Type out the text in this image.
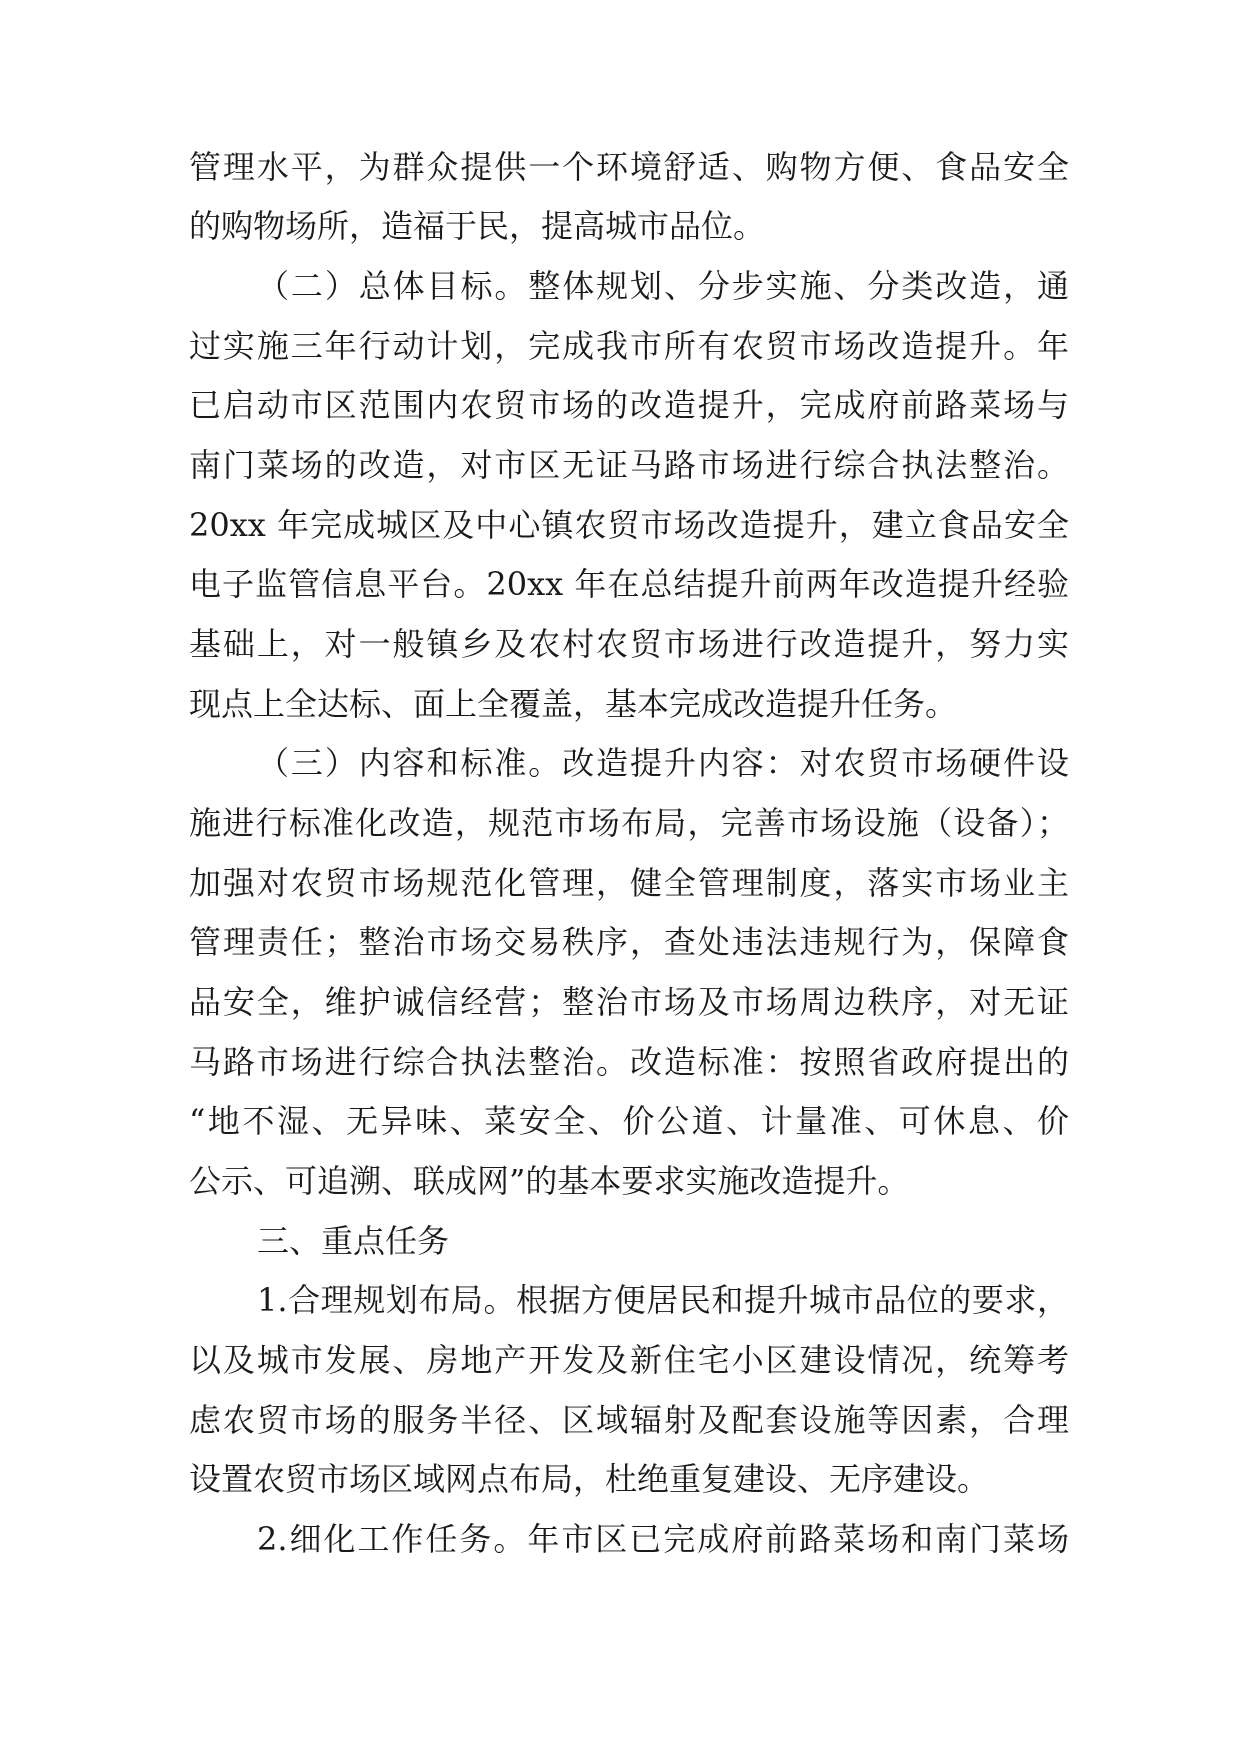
管理水平，为群众提供一个环境舒适、购物方便、食品安全
的购物场所，造福于民，提高城市品位。
（二）总体目标。整体规划、分步实施、分类改造，通
过实施三年行动计划，完成我市所有农贸市场改造提升。年
已启动市区范围内农贸市场的改造提升，完成府前路菜场与
南门菜场的改造，对市区无证马路市场进行综合执法整治。
20xx 年完成城区及中心镇农贸市场改造提升，建立食品安全
电子监管信息平台。20xx 年在总结提升前两年改造提升经验
基础上，对一般镇乡及农村农贸市场进行改造提升，努力实
现点上全达标、面上全覆盖，基本完成改造提升任务。
（三）内容和标准。改造提升内容：对农贸市场硬件设
施进行标准化改造，规范市场布局，完善市场设施（设备）；
加强对农贸市场规范化管理，健全管理制度，落实市场业主
管理责任；整治市场交易秩序，查处违法违规行为，保障食
品安全，维护诚信经营；整治市场及市场周边秩序，对无证
马路市场进行综合执法整治。改造标准：按照省政府提出的
“地不湿、无异味、菜安全、价公道、计量准、可休息、价
公示、可追溯、联成网”的基本要求实施改造提升。
三、重点任务
1.合理规划布局。根据方便居民和提升城市品位的要求，
以及城市发展、房地产开发及新住宅小区建设情况，统筹考
虑农贸市场的服务半径、区域辐射及配套设施等因素，合理
设置农贸市场区域网点布局，杜绝重复建设、无序建设。
2.细化工作任务。年市区已完成府前路菜场和南门菜场
